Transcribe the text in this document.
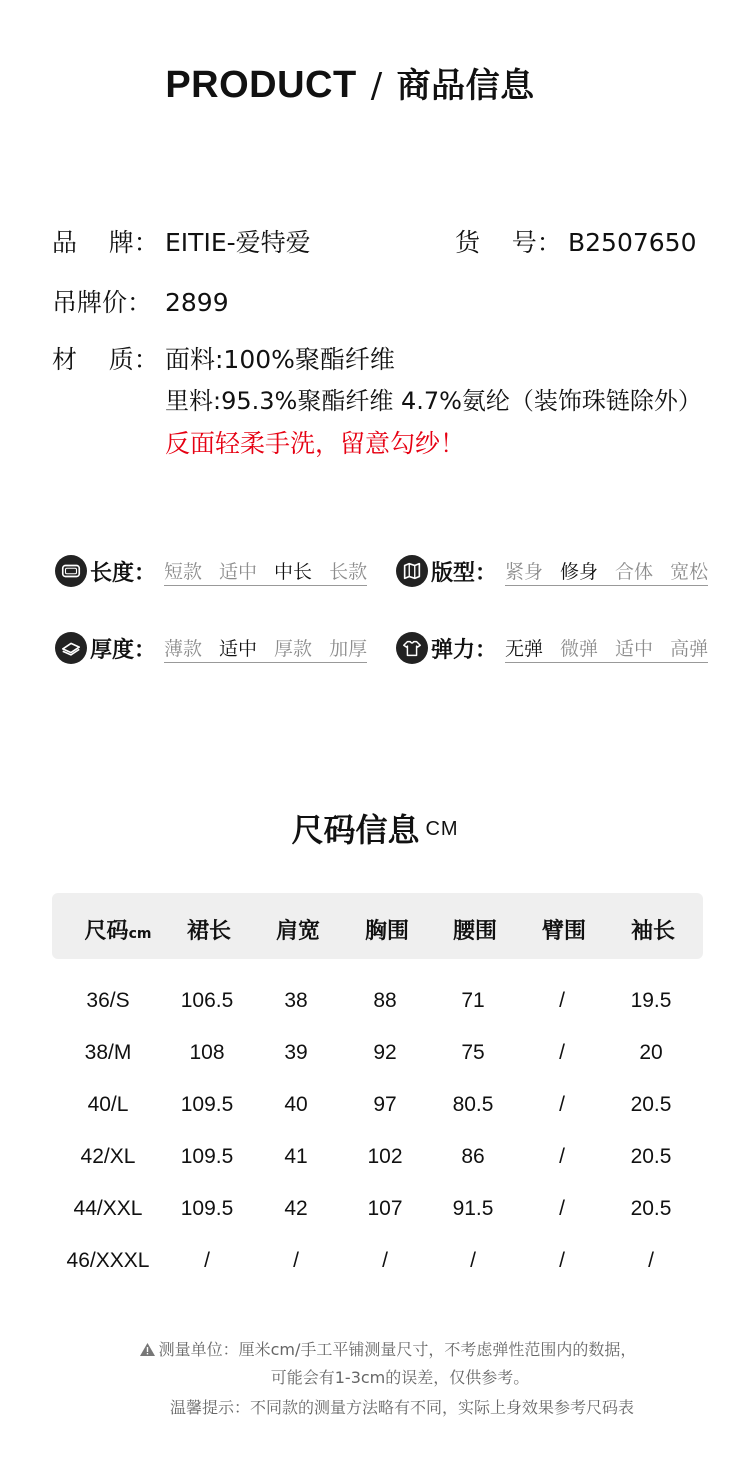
PRODUCT / 商品信息
品    牌： EITIE-爱特爱	货    号： B2507650
吊牌价： 2899
材    质： 面料:100%聚酯纤维
里料:95.3%聚酯纤维 4.7%氨纶（装饰珠链除外）
反面轻柔手洗，留意勾纱！
长度： 短款 适中 中长 长款	版型： 紧身 修身 合体 宽松
厚度： 薄款 适中 厚款 加厚	弹力： 无弹 微弹 适中 高弹
尺码信息 CM
尺码cm	裙长	肩宽	胸围	腰围	臂围	袖长
36/S	106.5	38	88	71	/	19.5
38/M	108	39	92	75	/	20
40/L	109.5	40	97	80.5	/	20.5
42/XL	109.5	41	102	86	/	20.5
44/XXL	109.5	42	107	91.5	/	20.5
46/XXXL	/	/	/	/	/	/
测量单位：厘米cm/手工平铺测量尺寸，不考虑弹性范围内的数据，
可能会有1-3cm的误差，仅供参考。
温馨提示：不同款的测量方法略有不同，实际上身效果参考尺码表
